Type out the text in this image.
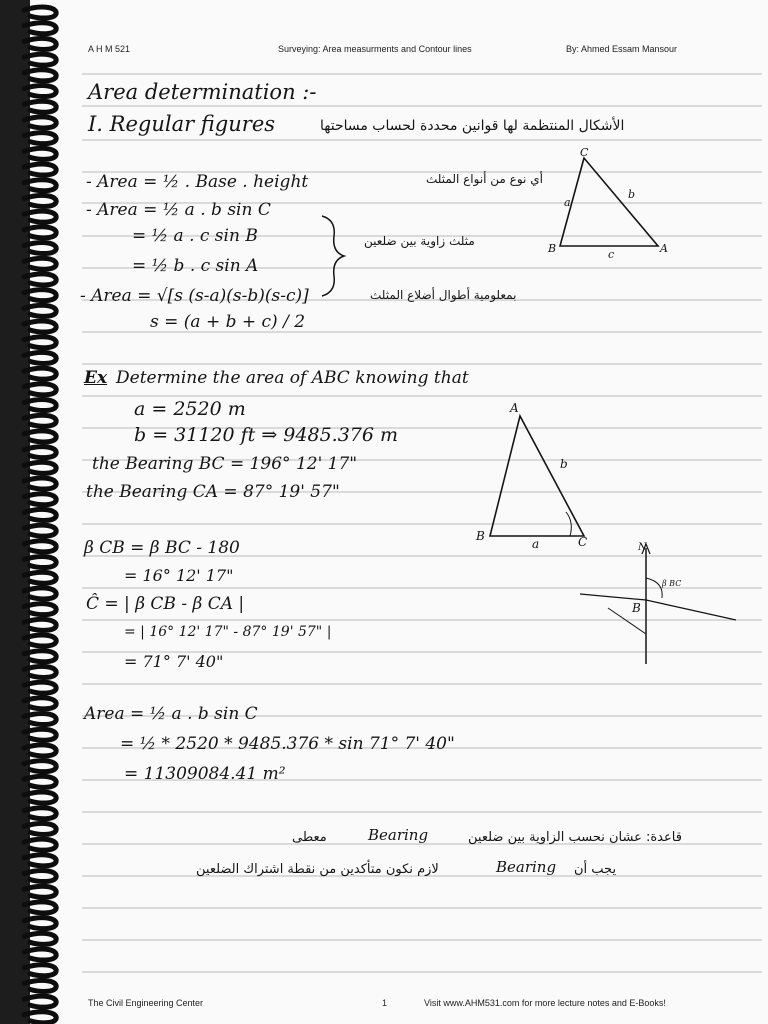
A H M 521	Surveying: Area measurments and Contour lines	By: Ahmed Essam Mansour
Area determination :-
I. Regular figures	الأشكال المنتظمة لها قوانين محددة لحساب مساحتها
- Area = ½ . Base . height	أي نوع من أنواع المثلث
- Area = ½ a . b sin C
= ½ a . c sin B	مثلث زاوية بين ضلعين
= ½ b . c sin A
- Area = √[s (s-a)(s-b)(s-c)]	بمعلومية أطوال أضلاع المثلث
s = (a + b + c) / 2
C
B	A
a
b
c
Ex Determine the area of ABC knowing that
a = 2520 m
b = 31120 ft ⇒ 9485.376 m
the Bearing BC = 196° 12' 17"
the Bearing CA = 87° 19' 57"
A
B	C
a
b
β CB = β BC - 180
= 16° 12' 17"
Ĉ = | β CB - β CA |
= | 16° 12' 17" - 87° 19' 57" |
= 71° 7' 40"
N
B
β BC
Area = ½ a . b sin C
= ½ * 2520 * 9485.376 * sin 71° 7' 40"
= 11309084.41 m²
قاعدة: عشان نحسب الزاوية بين ضلعين
Bearing
معطى
يجب أن
Bearing
لازم نكون متأكدين من نقطة اشتراك الضلعين
The Civil Engineering Center	1	Visit www.AHM531.com for more lecture notes and E-Books!
